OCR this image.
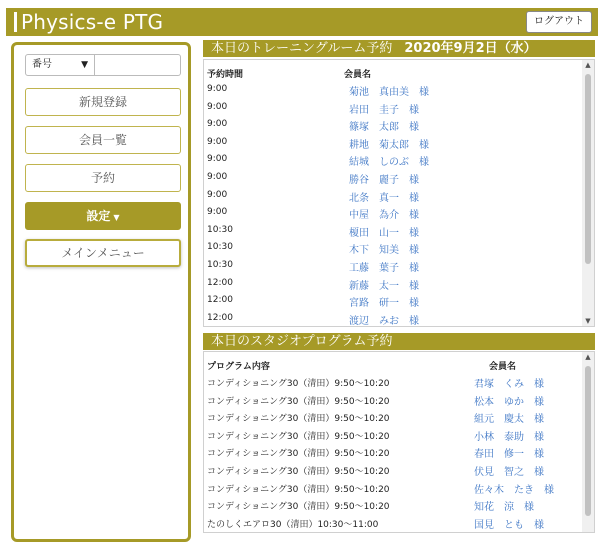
Physics-e PTG	ログアウト
番号	▼
新規登録
会員一覧
予約
設定 ▼
メインメニュー
本日のトレーニングルーム予約 2020年9月2日（水）
予約時間	会員名
9:00	菊池　真由美　様
9:00	岩田　圭子　様
9:00	篠塚　太郎　様
9:00	耕地　菊太郎　様
9:00	結城　しのぶ　様
9:00	勝谷　麗子　様
9:00	北条　真一　様
9:00	中屋　為介　様
10:30	榎田　山一　様
10:30	木下　知美　様
10:30	工藤　葉子　様
12:00	新藤　太一　様
12:00	宮路　研一　様
12:00	渡辺　みお　様
▲
▼
本日のスタジオプログラム予約
プログラム内容	会員名
コンディショニング30（清田）9:50～10:20	君塚　くみ　様
コンディショニング30（清田）9:50～10:20	松本　ゆか　様
コンディショニング30（清田）9:50～10:20	組元　慶太　様
コンディショニング30（清田）9:50～10:20	小林　泰助　様
コンディショニング30（清田）9:50～10:20	春田　修一　様
コンディショニング30（清田）9:50～10:20	伏見　智之　様
コンディショニング30（清田）9:50～10:20	佐々木　たき　様
コンディショニング30（清田）9:50～10:20	知花　涼　様
たのしくエアロ30（清田）10:30～11:00	国見　とも　様
▲
